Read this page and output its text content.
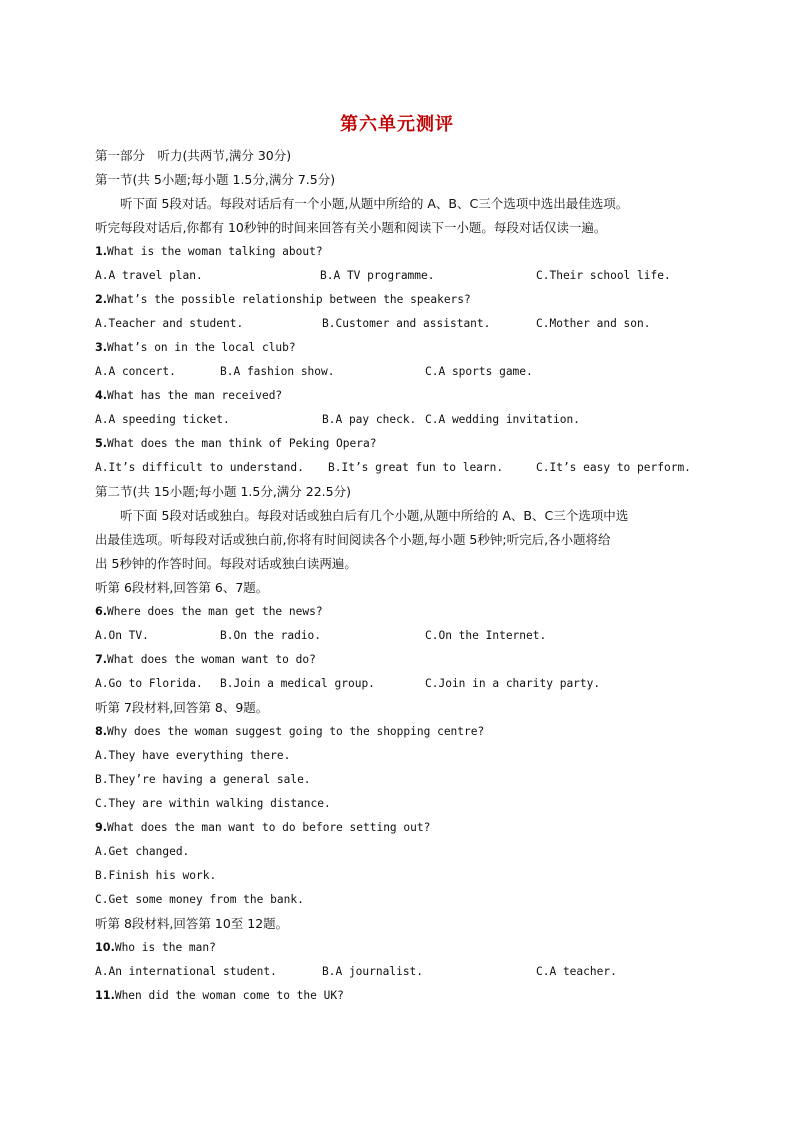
第六单元测评
第一部分　听力(共两节,满分 30分)
第一节(共 5小题;每小题 1.5分,满分 7.5分)
听下面 5段对话。每段对话后有一个小题,从题中所给的 A、B、C三个选项中选出最佳选项。
听完每段对话后,你都有 10秒钟的时间来回答有关小题和阅读下一小题。每段对话仅读一遍。
1.What is the woman talking about?
A.A travel plan.	B.A TV programme.	C.Their school life.
2.What’s the possible relationship between the speakers?
A.Teacher and student.	B.Customer and assistant.	C.Mother and son.
3.What’s on in the local club?
A.A concert.	B.A fashion show.	C.A sports game.
4.What has the man received?
A.A speeding ticket.	B.A pay check. C.A wedding invitation.
5.What does the man think of Peking Opera?
A.It’s difficult to understand. B.It’s great fun to learn.	C.It’s easy to perform.
第二节(共 15小题;每小题 1.5分,满分 22.5分)
听下面 5段对话或独白。每段对话或独白后有几个小题,从题中所给的 A、B、C三个选项中选
出最佳选项。听每段对话或独白前,你将有时间阅读各个小题,每小题 5秒钟;听完后,各小题将给
出 5秒钟的作答时间。每段对话或独白读两遍。
听第 6段材料,回答第 6、7题。
6.Where does the man get the news?
A.On TV.	B.On the radio.	C.On the Internet.
7.What does the woman want to do?
A.Go to Florida. B.Join a medical group.	C.Join in a charity party.
听第 7段材料,回答第 8、9题。
8.Why does the woman suggest going to the shopping centre?
A.They have everything there.
B.They’re having a general sale.
C.They are within walking distance.
9.What does the man want to do before setting out?
A.Get changed.
B.Finish his work.
C.Get some money from the bank.
听第 8段材料,回答第 10至 12题。
10.Who is the man?
A.An international student.	B.A journalist.	C.A teacher.
11.When did the woman come to the UK?
